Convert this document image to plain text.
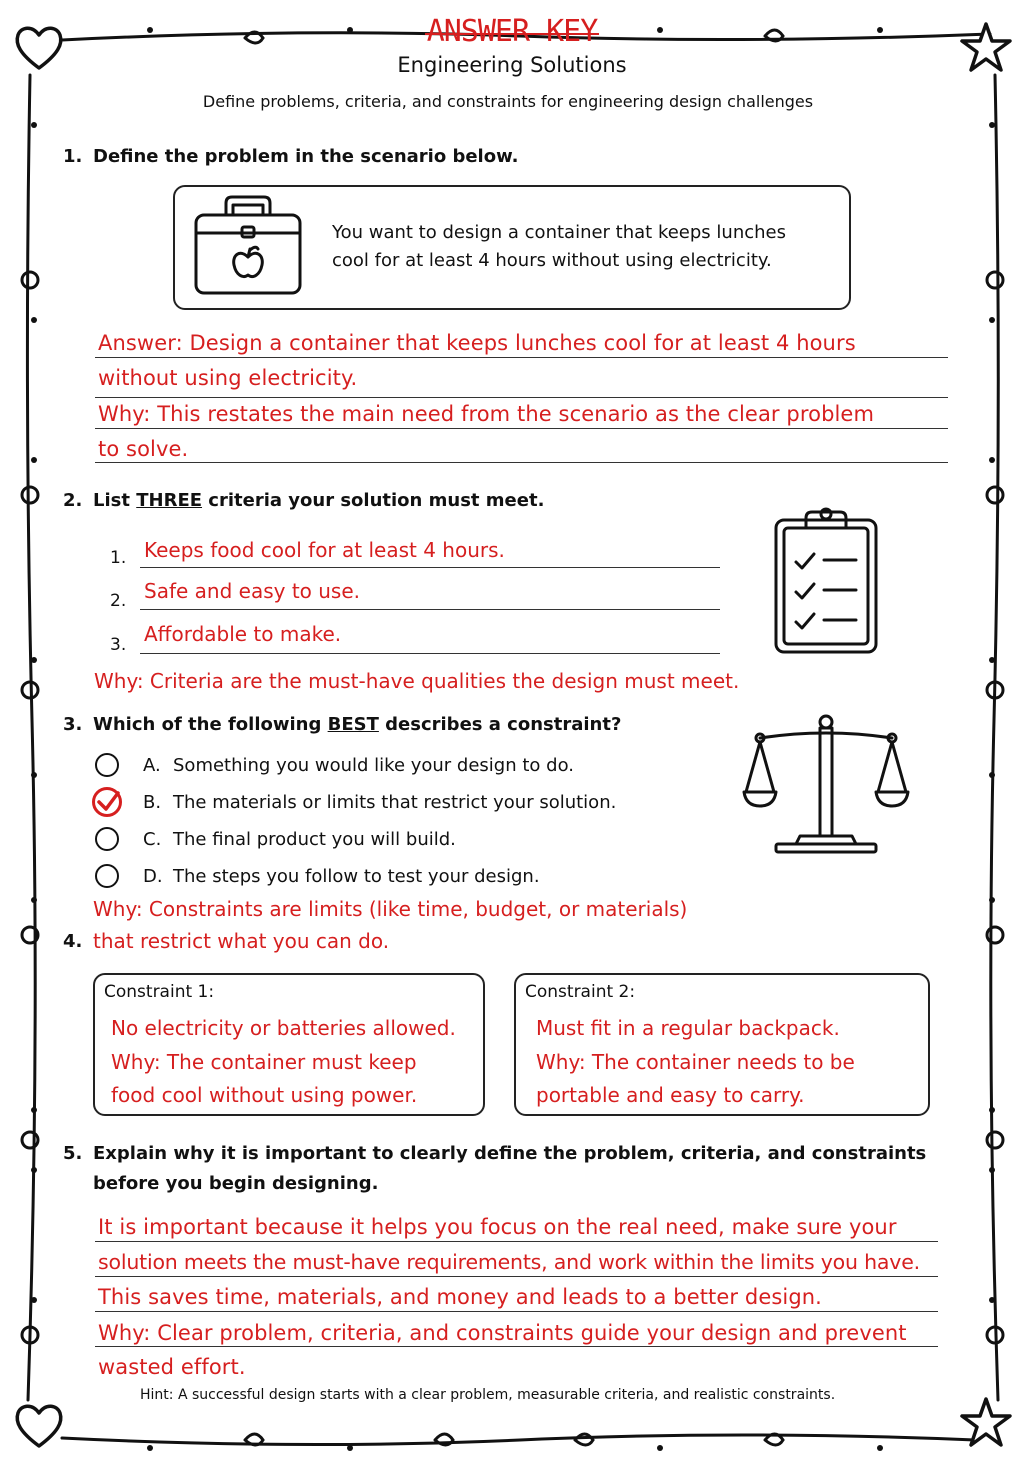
ANSWER KEY
Engineering Solutions
Define problems, criteria, and constraints for engineering design challenges
1. Define the problem in the scenario below.
You want to design a container that keeps lunches
cool for at least 4 hours without using electricity.
Answer: Design a container that keeps lunches cool for at least 4 hours
without using electricity.
Why: This restates the main need from the scenario as the clear problem
to solve.
2. List THREE criteria your solution must meet.
1. Keeps food cool for at least 4 hours.
2. Safe and easy to use.
3. Affordable to make.
Why: Criteria are the must-have qualities the design must meet.
3. Which of the following BEST describes a constraint?
A. Something you would like your design to do.
B. The materials or limits that restrict your solution.
C. The final product you will build.
D. The steps you follow to test your design.
Why: Constraints are limits (like time, budget, or materials)
4. that restrict what you can do.
Constraint 1:
No electricity or batteries allowed.
Why: The container must keep
food cool without using power.
Constraint 2:
Must fit in a regular backpack.
Why: The container needs to be
portable and easy to carry.
5. Explain why it is important to clearly define the problem, criteria, and constraints
before you begin designing.
It is important because it helps you focus on the real need, make sure your
solution meets the must-have requirements, and work within the limits you have.
This saves time, materials, and money and leads to a better design.
Why: Clear problem, criteria, and constraints guide your design and prevent
wasted effort.
Hint: A successful design starts with a clear problem, measurable criteria, and realistic constraints.
